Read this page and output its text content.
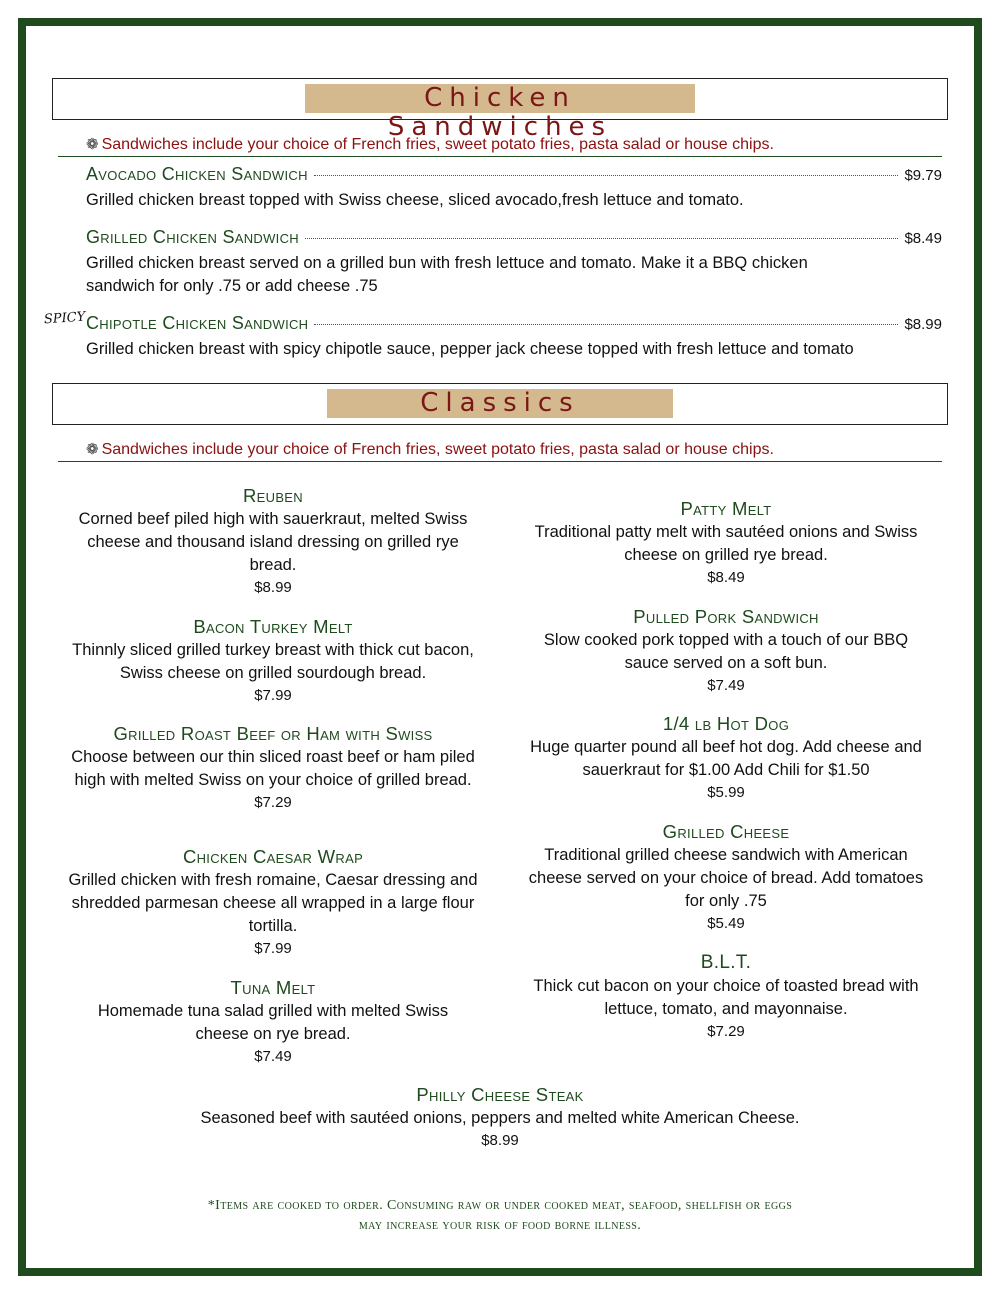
Chicken Sandwiches
❁ Sandwiches include your choice of French fries, sweet potato fries, pasta salad or house chips.
Avocado Chicken Sandwich	$9.79
Grilled chicken breast topped with Swiss cheese, sliced avocado,fresh lettuce and tomato.
Grilled Chicken Sandwich	$8.49
Grilled chicken breast served on a grilled bun with fresh lettuce and tomato. Make it a BBQ chicken sandwich for only .75 or add cheese .75
SPICY Chipotle Chicken Sandwich	$8.99
Grilled chicken breast with spicy chipotle sauce, pepper jack cheese topped with fresh lettuce and tomato
Classics
❁ Sandwiches include your choice of French fries, sweet potato fries, pasta salad or house chips.
Reuben
Corned beef piled high with sauerkraut, melted Swiss cheese and thousand island dressing on grilled rye bread.
$8.99
Bacon Turkey Melt
Thinnly sliced grilled turkey breast with thick cut bacon, Swiss cheese on grilled sourdough bread.
$7.99
Grilled Roast Beef or Ham with Swiss
Choose between our thin sliced roast beef or ham piled high with melted Swiss on your choice of grilled bread.
$7.29
Chicken Caesar Wrap
Grilled chicken with fresh romaine, Caesar dressing and shredded parmesan cheese all wrapped in a large flour tortilla.
$7.99
Tuna Melt
Homemade tuna salad grilled with melted Swiss cheese on rye bread.
$7.49
Patty Melt
Traditional patty melt with sautéed onions and Swiss cheese on grilled rye bread.
$8.49
Pulled Pork Sandwich
Slow cooked pork topped with a touch of our BBQ sauce served on a soft bun.
$7.49
1/4 lb Hot Dog
Huge quarter pound all beef hot dog. Add cheese and sauerkraut for $1.00 Add Chili for $1.50
$5.99
Grilled Cheese
Traditional grilled cheese sandwich with American cheese served on your choice of bread. Add tomatoes for only .75
$5.49
B.L.T.
Thick cut bacon on your choice of toasted bread with lettuce, tomato, and mayonnaise.
$7.29
Philly Cheese Steak
Seasoned beef with sautéed onions, peppers and melted white American Cheese.
$8.99
*Items are cooked to order. Consuming raw or under cooked meat, seafood, shellfish or eggs
may increase your risk of food borne illness.
